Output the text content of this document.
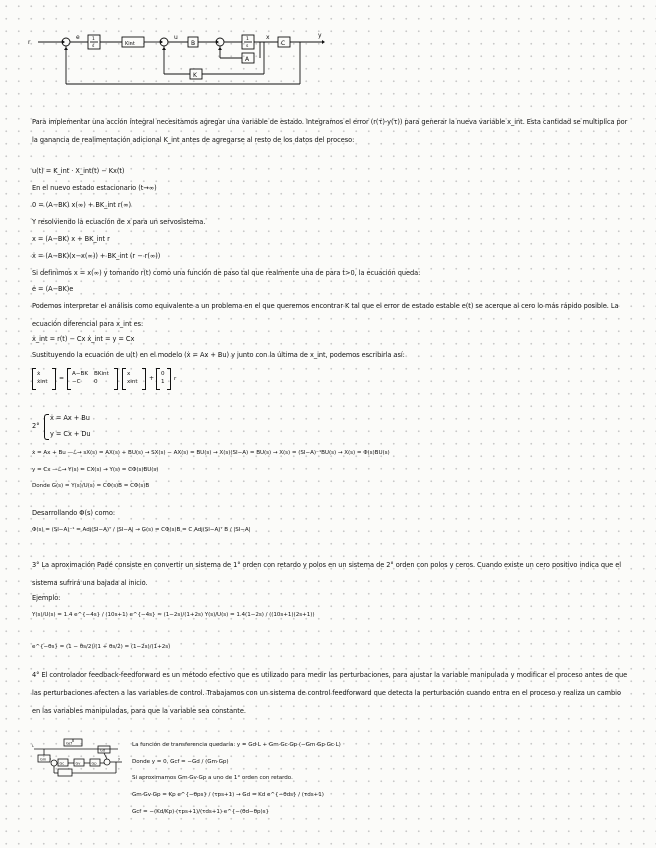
r
e
Kint
u
B
x
C
y
A
K
1
s
1
s
Para implementar una acción integral necesitamos agregar una variable de estado. Integramos el error (r(τ)-y(τ)) para generar la nueva variable x_int. Esta cantidad se multiplica por la ganancia de realimentación adicional K_int antes de agregarse al resto de los datos del proceso:
u(t) = K_int · X_int(t) − Kx(t)
En el nuevo estado estacionario (t→∞)
0 = (A−BK) x(∞) + BK_int r(∞)
Y resolviendo la ecuación de x para un servosistema.
x = (A−BK) x + BK_int r
ẋ = (A−BK)(x−x(∞)) + BK_int (r − r(∞))
Si definimos x = x(∞) y tomando r(t) como una función de paso tal que realmente una de para t>0, la ecuación queda:
ė = (A−BK)e
Podemos interpretar el análisis como equivalente a un problema en el que queremos encontrar K tal que el error de estado estable e(t) se acerque al cero lo más rápido posible. La ecuación diferencial para x_int es:
ẋ_int = r(t) − Cx ẋ_int = y = Cx
Sustituyendo la ecuación de u(t) en el modelo (ẋ = Ax + Bu) y junto con la última de x_int, podemos escribirla así:
ẋ
ẋint =
A−BK
−C
BKint
0
x
xint +
0
1 r
2°
ẋ = Ax + Bu
y = Cx + Du
ẋ = Ax + Bu —ℒ→ sX(s) = AX(s) + BU(s) → SX(s) − AX(s) = BU(s) → X(s)(SI−A) = BU(s) → X(s) = (SI−A)⁻¹BU(s) → X(s) = Φ(s)BU(s)
y = Cx —ℒ→ Y(s) = CX(s) → Y(s) = CΦ(s)BU(s)
Donde G(s) = Y(s)/U(s) = CΦ(s)B = CΦ(s)B
Desarrollando Φ(s) como:
Φ(s) = (SI−A)⁻¹ = Adj(SI−A)ᵀ / |SI−A| → G(s) = CΦ(s)B = C Adj(SI−A)ᵀ B / |SI−A|
3° La aproximación Padé consiste en convertir un sistema de 1° orden con retardo y polos en un sistema de 2° orden con polos y ceros. Cuando existe un cero positivo indica que el sistema sufrirá una bajada al inicio.
Ejemplo:
Y(s)/U(s) = 1.4 e^{−4s} / (10s+1) e^{−4s} ≈ (1−2s)/(1+2s) Y(s)/U(s) = 1.4(1−2s) / ((10s+1)(2s+1))
e^{−θs} = (1 − θs/2)/(1 + θs/2) = (1−2s)/(1+2s)
4° El controlador feedback-feedforward es un método efectivo que es utilizado para medir las perturbaciones, para ajustar la variable manipulada y modificar el proceso antes de que las perturbaciones afecten a las variables de control. Trabajamos con un sistema de control feedforward que detecta la perturbación cuando entra en el proceso y realiza un cambio en las variables manipuladas, para que la variable sea constante.
Gcf
Gd
Gm
Gc	Gv	Gp
L
y
La función de transferencia quedaría: y = Gd·L + Gm·Gc·Gp·(−Gm·Gp·Gc·L)
Donde y = 0, Gcf = −Gd / (Gm·Gp)
Si aproximamos Gm·Gv·Gp a uno de 1° orden con retardo.
Gm·Gv·Gp = Kp e^{−θps} / (τps+1) → Gd = Kd e^{−θds} / (τds+1)
Gcf = −(Kd/Kp)·(τps+1)/(τds+1)·e^{−(θd−θp)s}
